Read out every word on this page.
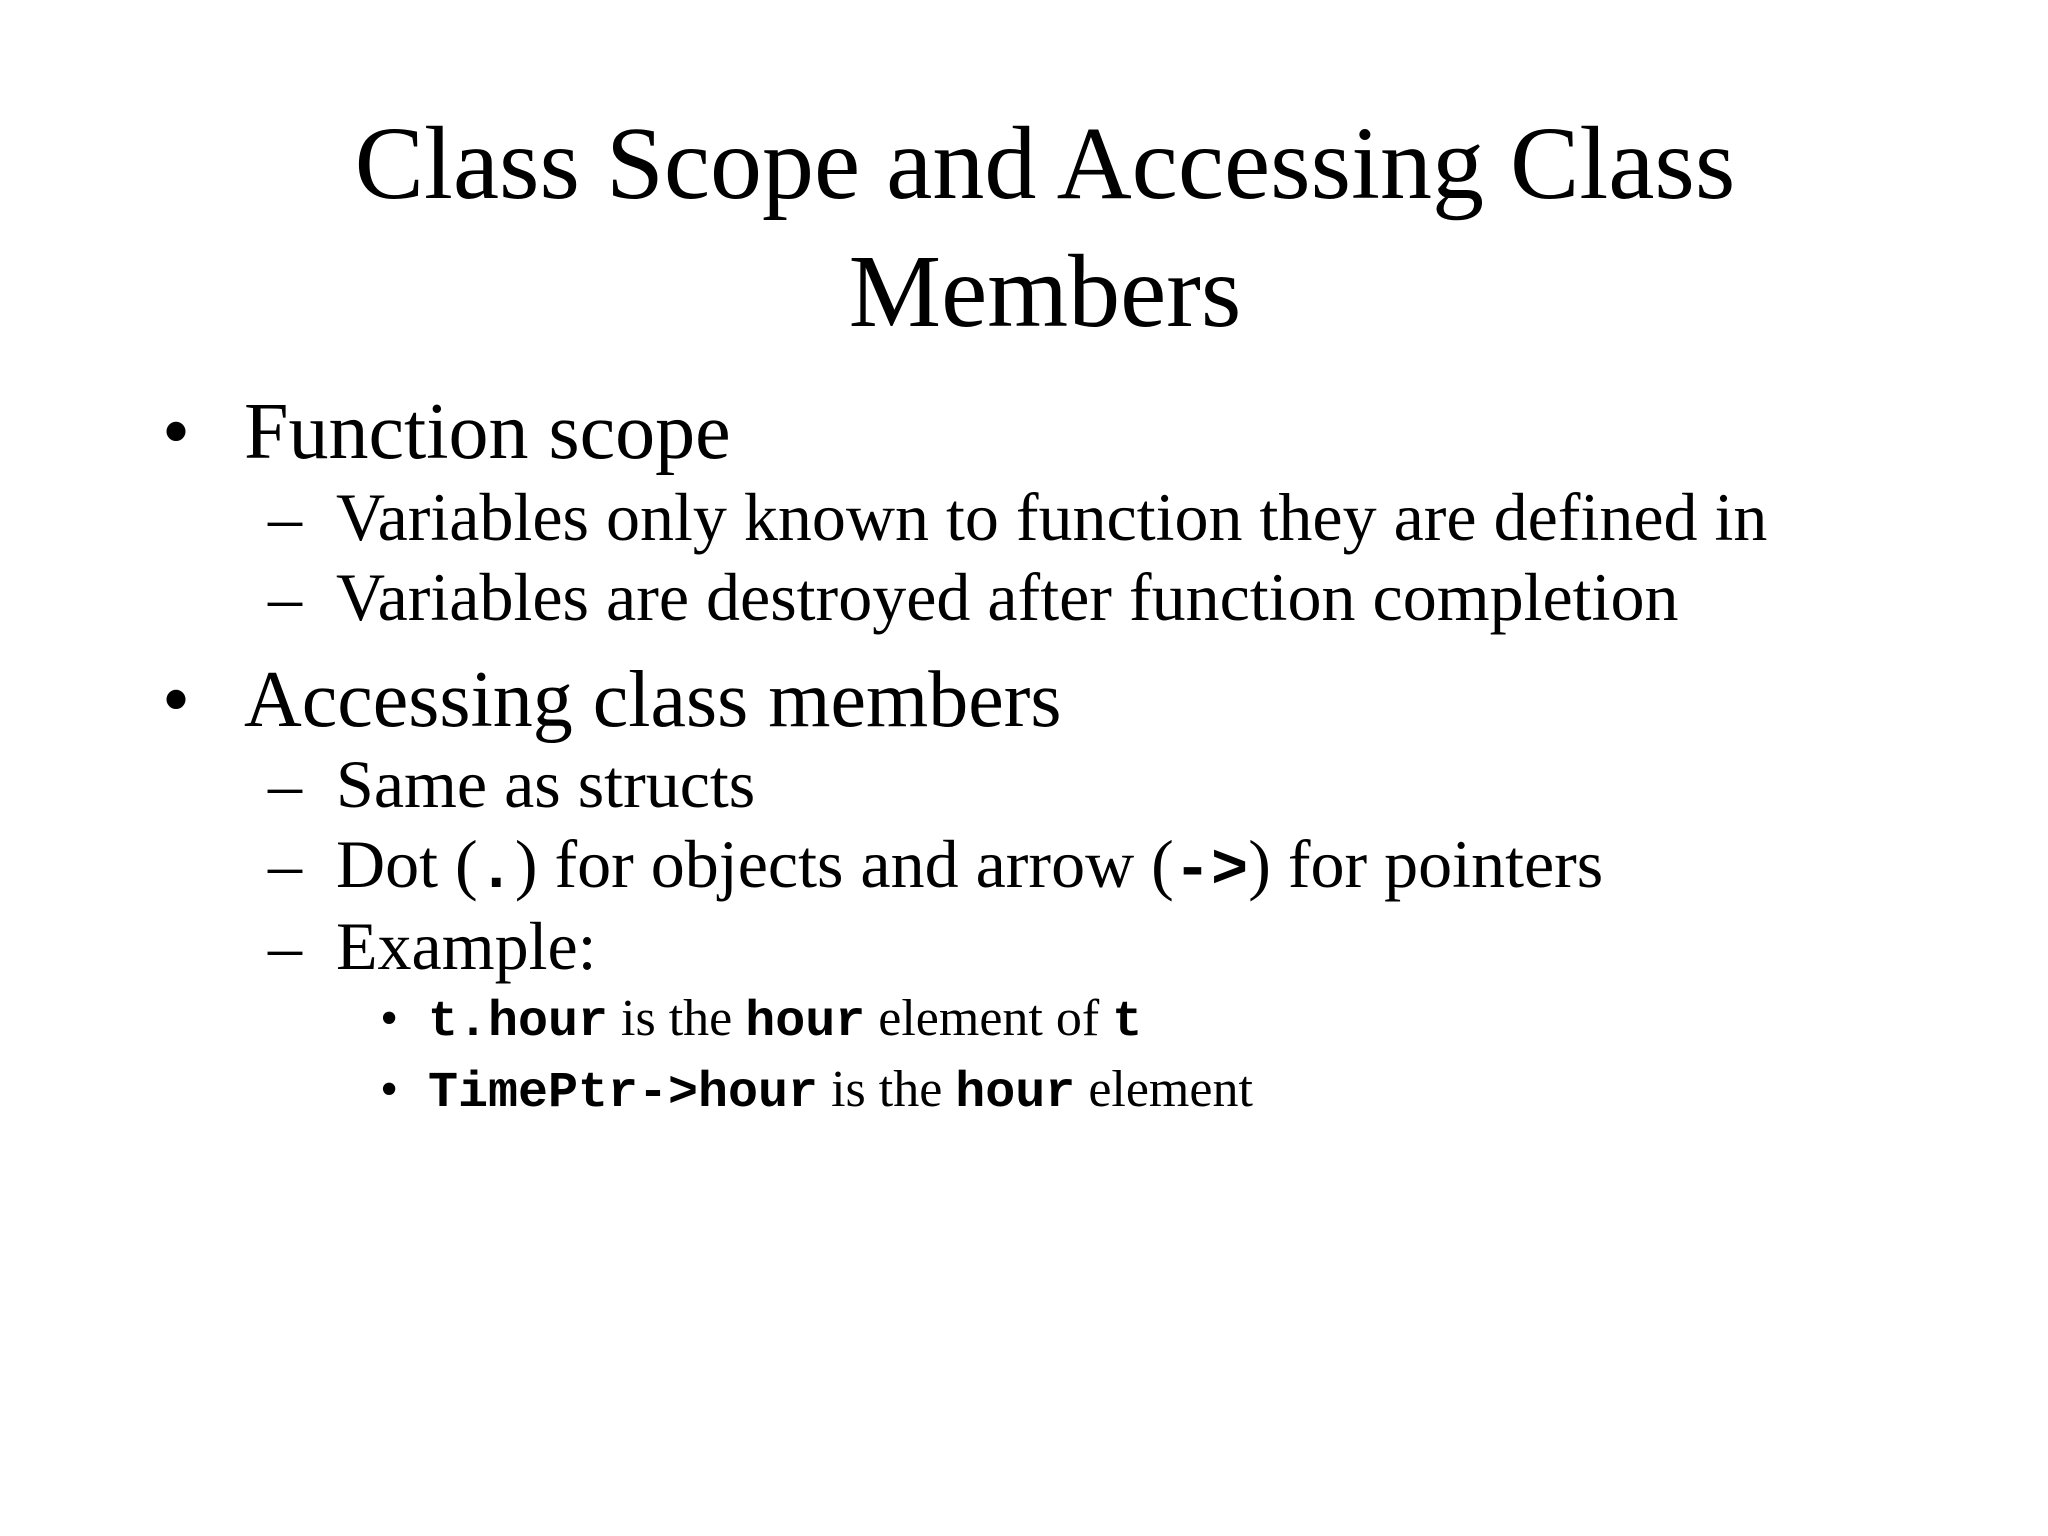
Class Scope and Accessing Class
Members
• Function scope
– Variables only known to function they are defined in
– Variables are destroyed after function completion
• Accessing class members
– Same as structs
– Dot (.) for objects and arrow (->) for pointers
– Example:
• t.hour is the hour element of t
• TimePtr->hour is the hour element
